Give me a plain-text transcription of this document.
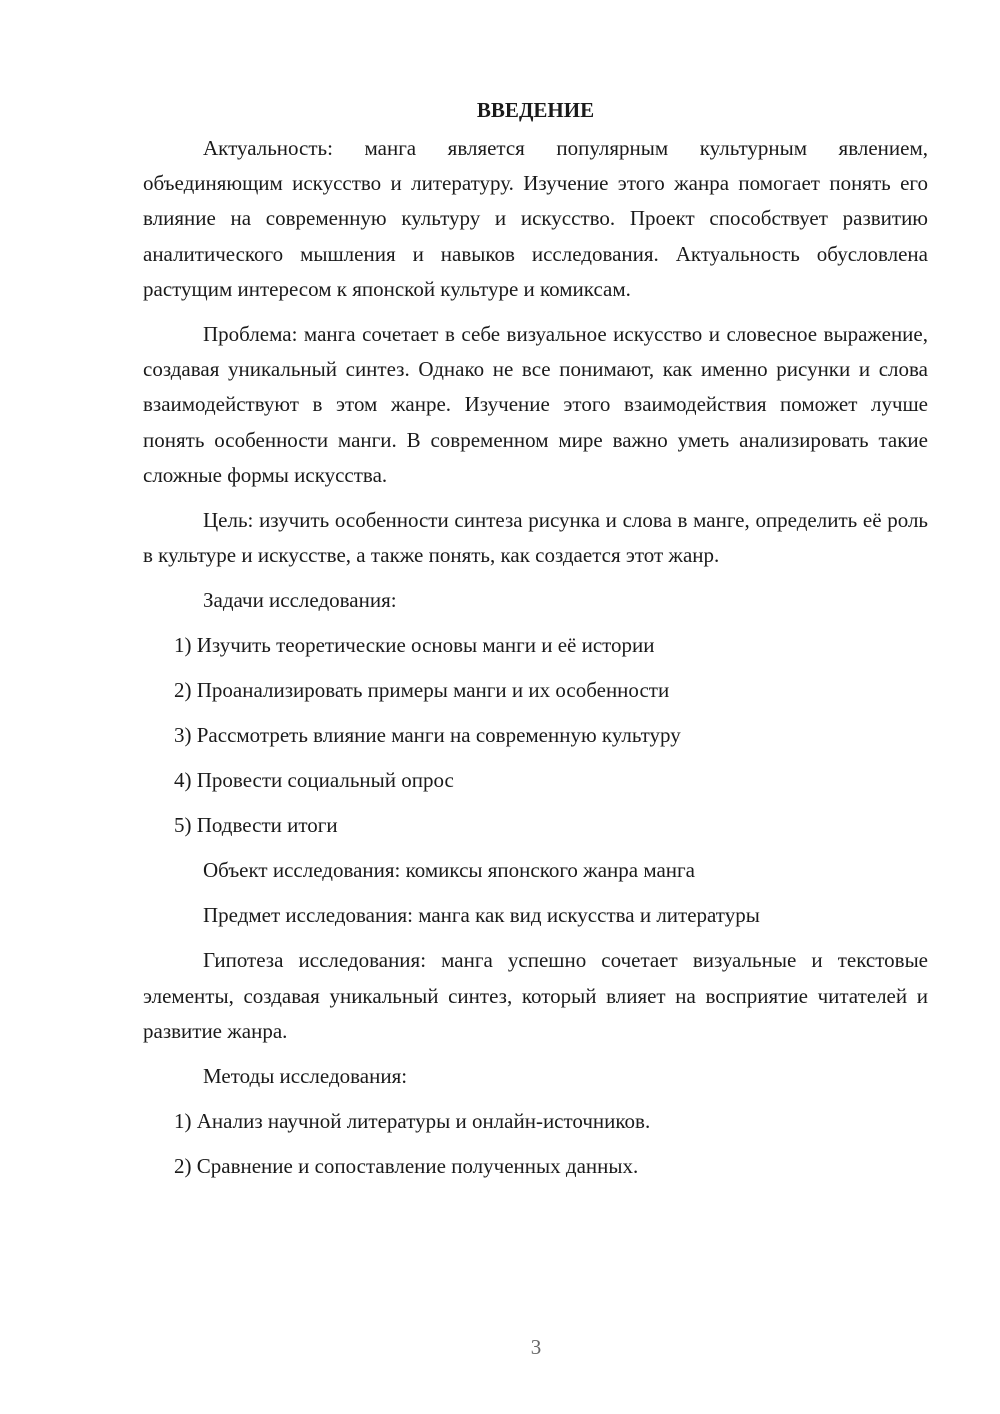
ВВЕДЕНИЕ

Актуальность: манга является популярным культурным явлением, объединяющим искусство и литературу. Изучение этого жанра помогает понять его влияние на современную культуру и искусство. Проект способствует развитию аналитического мышления и навыков исследования. Актуальность обусловлена растущим интересом к японской культуре и комиксам.

Проблема: манга сочетает в себе визуальное искусство и словесное выражение, создавая уникальный синтез. Однако не все понимают, как именно рисунки и слова взаимодействуют в этом жанре. Изучение этого взаимодействия поможет лучше понять особенности манги. В современном мире важно уметь анализировать такие сложные формы искусства.

Цель: изучить особенности синтеза рисунка и слова в манге, определить её роль в культуре и искусстве, а также понять, как создается этот жанр.

Задачи исследования:
1) Изучить теоретические основы манги и её истории
2) Проанализировать примеры манги и их особенности
3) Рассмотреть влияние манги на современную культуру
4) Провести социальный опрос
5) Подвести итоги
Объект исследования: комиксы японского жанра манга
Предмет исследования: манга как вид искусства и литературы

Гипотеза исследования: манга успешно сочетает визуальные и текстовые элементы, создавая уникальный синтез, который влияет на восприятие читателей и развитие жанра.

Методы исследования:
1) Анализ научной литературы и онлайн-источников.
2) Сравнение и сопоставление полученных данных.
3
